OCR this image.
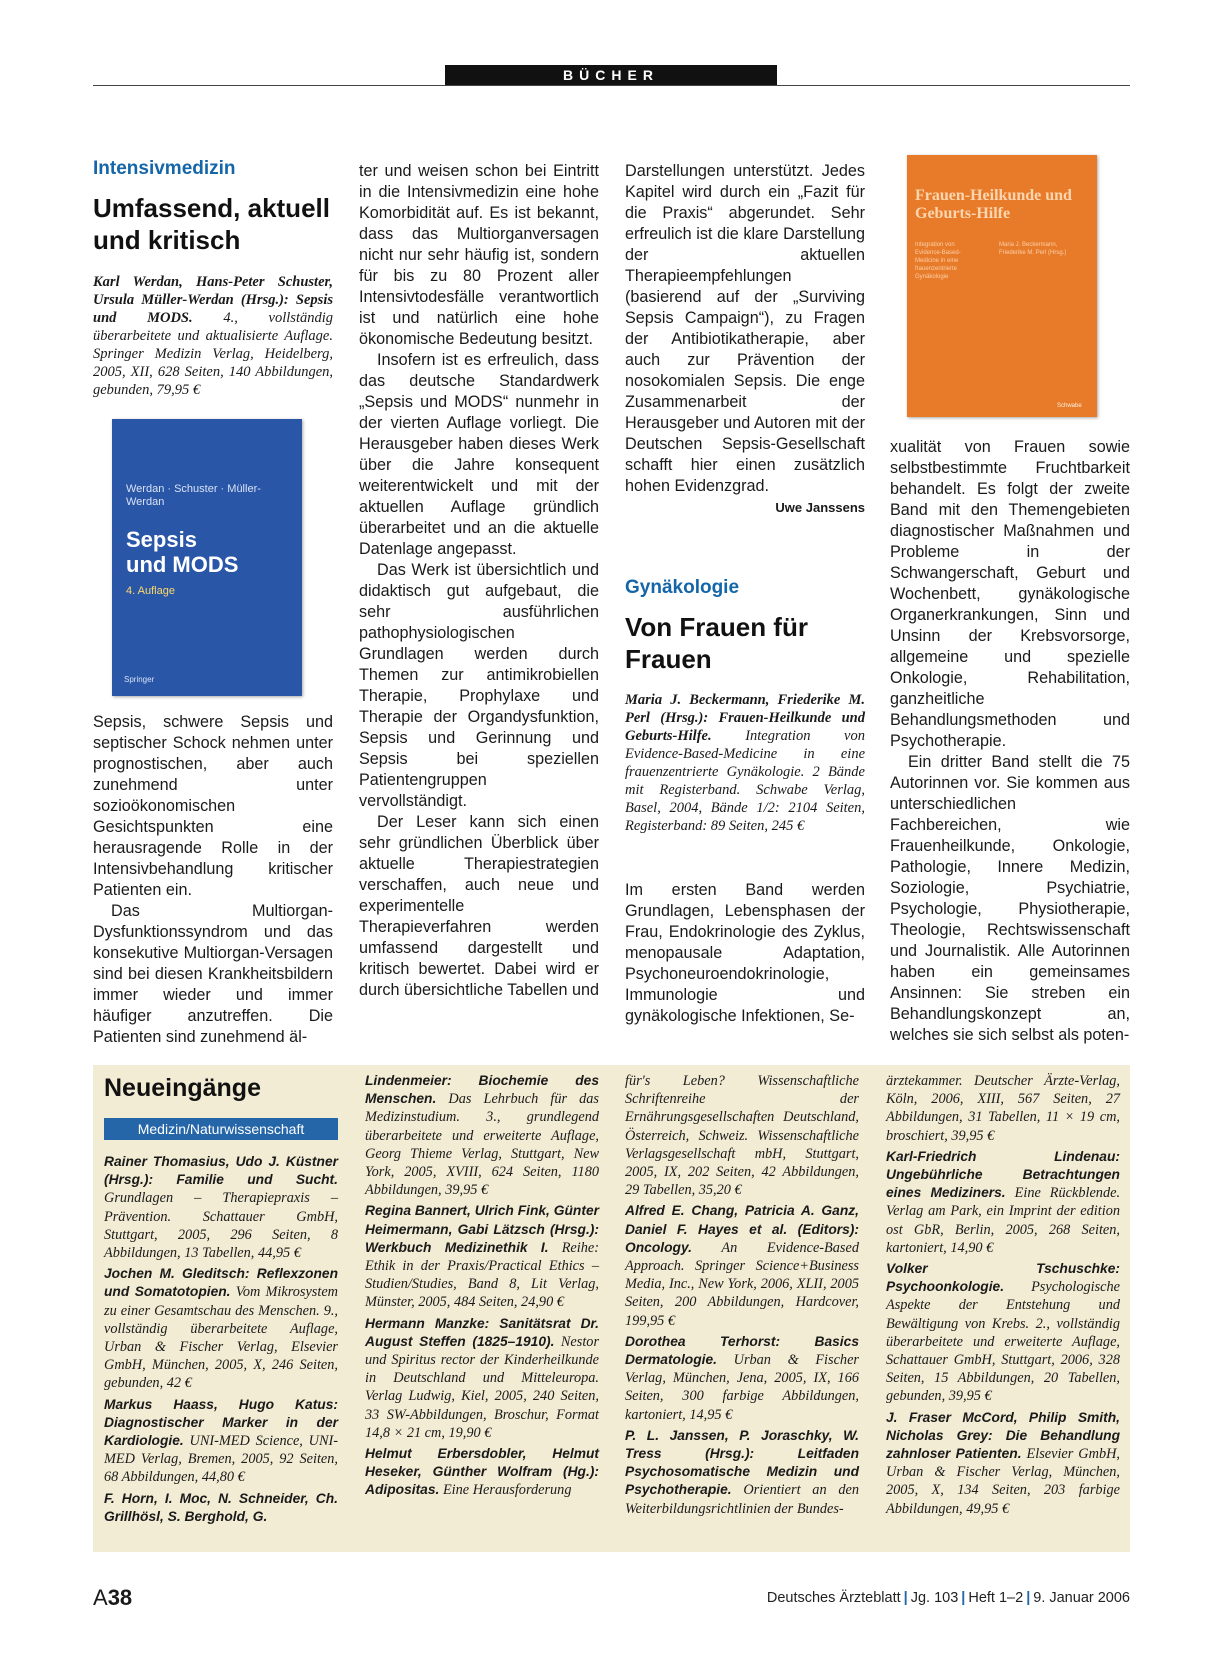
BÜCHER
Intensivmedizin
Umfassend, aktuell und kritisch
Karl Werdan, Hans-Peter Schuster, Ursula Müller-Werdan (Hrsg.): Sepsis und MODS. 4., vollständig überarbeitete und aktualisierte Auflage. Springer Medizin Verlag, Heidelberg, 2005, XII, 628 Seiten, 140 Abbildungen, gebunden, 79,95 €
Werdan · Schuster · Müller-Werdan
Sepsis
und MODS
4. Auflage
Springer

Sepsis, schwere Sepsis und septischer Schock nehmen unter prognostischen, aber auch zunehmend unter sozioökonomischen Gesichtspunkten eine herausragende Rolle in der Intensivbehandlung kritischer Patienten ein.

Das Multiorgan-Dysfunktionssyndrom und das konsekutive Multiorgan-Versagen sind bei diesen Krankheitsbildern immer wieder und immer häufiger anzutreffen. Die Patienten sind zunehmend äl-

ter und weisen schon bei Eintritt in die Intensivmedizin eine hohe Komorbidität auf. Es ist bekannt, dass das Multiorganversagen nicht nur sehr häufig ist, sondern für bis zu 80 Prozent aller Intensivtodesfälle verantwortlich ist und natürlich eine hohe ökonomische Bedeutung besitzt.

Insofern ist es erfreulich, dass das deutsche Standardwerk „Sepsis und MODS“ nunmehr in der vierten Auflage vorliegt. Die Herausgeber haben dieses Werk über die Jahre konsequent weiterentwickelt und mit der aktuellen Auflage gründlich überarbeitet und an die aktuelle Datenlage angepasst.

Das Werk ist übersichtlich und didaktisch gut aufgebaut, die sehr ausführlichen pathophysiologischen Grundlagen werden durch Themen zur antimikrobiellen Therapie, Prophylaxe und Therapie der Organdysfunktion, Sepsis und Gerinnung und Sepsis bei speziellen Patientengruppen vervollständigt.

Der Leser kann sich einen sehr gründlichen Überblick über aktuelle Therapiestrategien verschaffen, auch neue und experimentelle Therapieverfahren werden umfassend dargestellt und kritisch bewertet. Dabei wird er durch übersichtliche Tabellen und

Darstellungen unterstützt. Jedes Kapitel wird durch ein „Fazit für die Praxis“ abgerundet. Sehr erfreulich ist die klare Darstellung der aktuellen Therapieempfehlungen (basierend auf der „Surviving Sepsis Campaign“), zu Fragen der Antibiotikatherapie, aber auch zur Prävention der nosokomialen Sepsis. Die enge Zusammenarbeit der Herausgeber und Autoren mit der Deutschen Sepsis-Gesellschaft schafft hier einen zusätzlich hohen Evidenzgrad.

Uwe Janssens
Gynäkologie
Von Frauen für Frauen
Maria J. Beckermann, Friederike M. Perl (Hrsg.): Frauen-Heilkunde und Geburts-Hilfe. Integration von Evidence-Based-Medicine in eine frauenzentrierte Gynäkologie. 2 Bände mit Registerband. Schwabe Verlag, Basel, 2004, Bände 1/2: 2104 Seiten, Registerband: 89 Seiten, 245 €

Im ersten Band werden Grundlagen, Lebensphasen der Frau, Endokrinologie des Zyklus, menopausale Adaptation, Psychoneuroendokrinologie, Immunologie und gynäkologische Infektionen, Se-

Frauen-Heilkunde und Geburts-Hilfe
Integration von Evidence-Based-Medicine in eine frauenzentrierte Gynäkologie
Maria J. Beckermann, Friederike M. Perl (Hrsg.)
Schwabe

xualität von Frauen sowie selbstbestimmte Fruchtbarkeit behandelt. Es folgt der zweite Band mit den Themengebieten diagnostischer Maßnahmen und Probleme in der Schwangerschaft, Geburt und Wochenbett, gynäkologische Organerkrankungen, Sinn und Unsinn der Krebsvorsorge, allgemeine und spezielle Onkologie, Rehabilitation, ganzheitliche Behandlungsmethoden und Psychotherapie.

Ein dritter Band stellt die 75 Autorinnen vor. Sie kommen aus unterschiedlichen Fachbereichen, wie Frauenheilkunde, Onkologie, Pathologie, Innere Medizin, Soziologie, Psychiatrie, Psychologie, Physiotherapie, Theologie, Rechtswissenschaft und Journalistik. Alle Autorinnen haben ein gemeinsames Ansinnen: Sie streben ein Behandlungskonzept an, welches sie sich selbst als poten-

Neueingänge
Medizin/Naturwissenschaft

Rainer Thomasius, Udo J. Küstner (Hrsg.): Familie und Sucht. Grundlagen – Therapiepraxis – Prävention. Schattauer GmbH, Stuttgart, 2005, 296 Seiten, 8 Abbildungen, 13 Tabellen, 44,95 €

Jochen M. Gleditsch: Reflexzonen und Somatotopien. Vom Mikrosystem zu einer Gesamtschau des Menschen. 9., vollständig überarbeitete Auflage, Urban & Fischer Verlag, Elsevier GmbH, München, 2005, X, 246 Seiten, gebunden, 42 €

Markus Haass, Hugo Katus: Diagnostischer Marker in der Kardiologie. UNI-MED Science, UNI-MED Verlag, Bremen, 2005, 92 Seiten, 68 Abbildungen, 44,80 €

F. Horn, I. Moc, N. Schneider, Ch. Grillhösl, S. Berghold, G.

Lindenmeier: Biochemie des Menschen. Das Lehrbuch für das Medizinstudium. 3., grundlegend überarbeitete und erweiterte Auflage, Georg Thieme Verlag, Stuttgart, New York, 2005, XVIII, 624 Seiten, 1180 Abbildungen, 39,95 €

Regina Bannert, Ulrich Fink, Günter Heimermann, Gabi Lätzsch (Hrsg.): Werkbuch Medizinethik I. Reihe: Ethik in der Praxis/Practical Ethics – Studien/Studies, Band 8, Lit Verlag, Münster, 2005, 484 Seiten, 24,90 €

Hermann Manzke: Sanitätsrat Dr. August Steffen (1825–1910). Nestor und Spiritus rector der Kinderheilkunde in Deutschland und Mitteleuropa. Verlag Ludwig, Kiel, 2005, 240 Seiten, 33 SW-Abbildungen, Broschur, Format 14,8 × 21 cm, 19,90 €

Helmut Erbersdobler, Helmut Heseker, Günther Wolfram (Hg.): Adipositas. Eine Herausforderung

für's Leben? Wissenschaftliche Schriftenreihe der Ernährungsgesellschaften Deutschland, Österreich, Schweiz. Wissenschaftliche Verlagsgesellschaft mbH, Stuttgart, 2005, IX, 202 Seiten, 42 Abbildungen, 29 Tabellen, 35,20 €

Alfred E. Chang, Patricia A. Ganz, Daniel F. Hayes et al. (Editors): Oncology. An Evidence-Based Approach. Springer Science+Business Media, Inc., New York, 2006, XLII, 2005 Seiten, 200 Abbildungen, Hardcover, 199,95 €

Dorothea Terhorst: Basics Dermatologie. Urban & Fischer Verlag, München, Jena, 2005, IX, 166 Seiten, 300 farbige Abbildungen, kartoniert, 14,95 €

P. L. Janssen, P. Joraschky, W. Tress (Hrsg.): Leitfaden Psychosomatische Medizin und Psychotherapie. Orientiert an den Weiterbildungsrichtlinien der Bundes-

ärztekammer. Deutscher Ärzte-Verlag, Köln, 2006, XIII, 567 Seiten, 27 Abbildungen, 31 Tabellen, 11 × 19 cm, broschiert, 39,95 €

Karl-Friedrich Lindenau: Ungebührliche Betrachtungen eines Mediziners. Eine Rückblende. Verlag am Park, ein Imprint der edition ost GbR, Berlin, 2005, 268 Seiten, kartoniert, 14,90 €

Volker Tschuschke: Psychoonkologie. Psychologische Aspekte der Entstehung und Bewältigung von Krebs. 2., vollständig überarbeitete und erweiterte Auflage, Schattauer GmbH, Stuttgart, 2006, 328 Seiten, 15 Abbildungen, 20 Tabellen, gebunden, 39,95 €

J. Fraser McCord, Philip Smith, Nicholas Grey: Die Behandlung zahnloser Patienten. Elsevier GmbH, Urban & Fischer Verlag, München, 2005, X, 134 Seiten, 203 farbige Abbildungen, 49,95 €

A38	Deutsches Ärzteblatt | Jg. 103 | Heft 1–2 | 9. Januar 2006
